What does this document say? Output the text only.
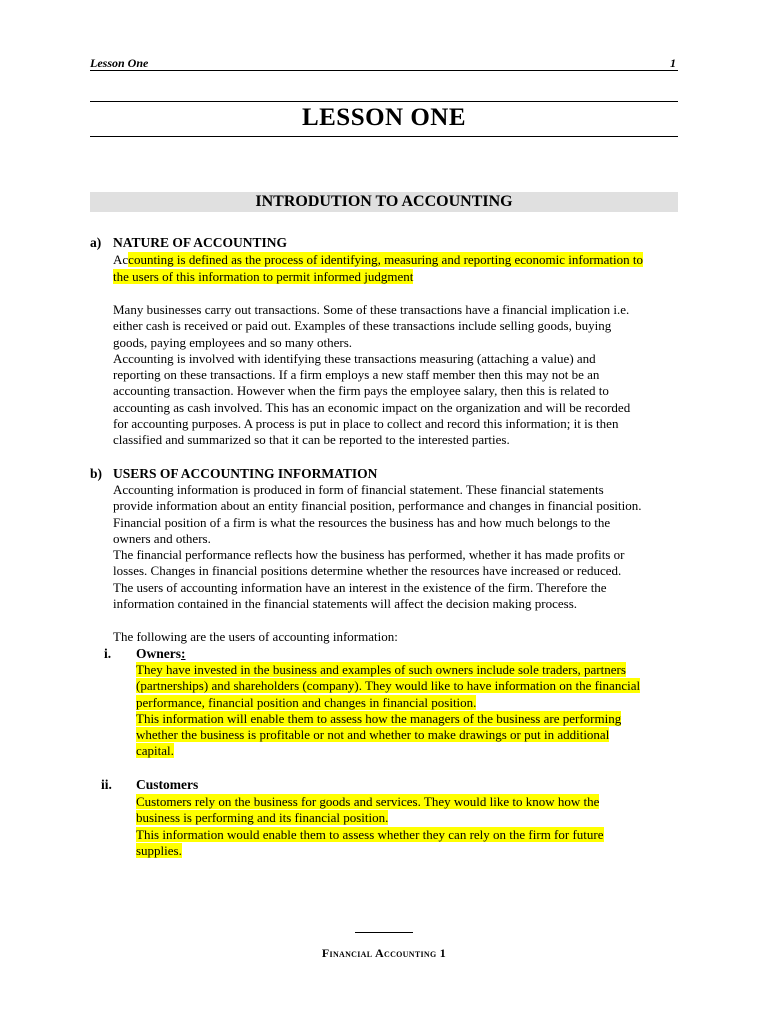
Lesson One	1
LESSON ONE
INTRODUTION TO ACCOUNTING
a) NATURE OF ACCOUNTING
Accounting is defined as the process of identifying, measuring and reporting economic information to
the users of this information to permit informed judgment
Many businesses carry out transactions. Some of these transactions have a financial implication i.e.
either cash is received or paid out. Examples of these transactions include selling goods, buying
goods, paying employees and so many others.
Accounting is involved with identifying these transactions measuring (attaching a value) and
reporting on these transactions. If a firm employs a new staff member then this may not be an
accounting transaction. However when the firm pays the employee salary, then this is related to
accounting as cash involved. This has an economic impact on the organization and will be recorded
for accounting purposes. A process is put in place to collect and record this information; it is then
classified and summarized so that it can be reported to the interested parties.
b) USERS OF ACCOUNTING INFORMATION
Accounting information is produced in form of financial statement. These financial statements
provide information about an entity financial position, performance and changes in financial position.
Financial position of a firm is what the resources the business has and how much belongs to the
owners and others.
The financial performance reflects how the business has performed, whether it has made profits or
losses. Changes in financial positions determine whether the resources have increased or reduced.
The users of accounting information have an interest in the existence of the firm. Therefore the
information contained in the financial statements will affect the decision making process.
The following are the users of accounting information:
i. Owners:
They have invested in the business and examples of such owners include sole traders, partners
(partnerships) and shareholders (company). They would like to have information on the financial
performance, financial position and changes in financial position.
This information will enable them to assess how the managers of the business are performing
whether the business is profitable or not and whether to make drawings or put in additional
capital.
ii. Customers
Customers rely on the business for goods and services. They would like to know how the
business is performing and its financial position.
This information would enable them to assess whether they can rely on the firm for future
supplies.
Financial Accounting 1
